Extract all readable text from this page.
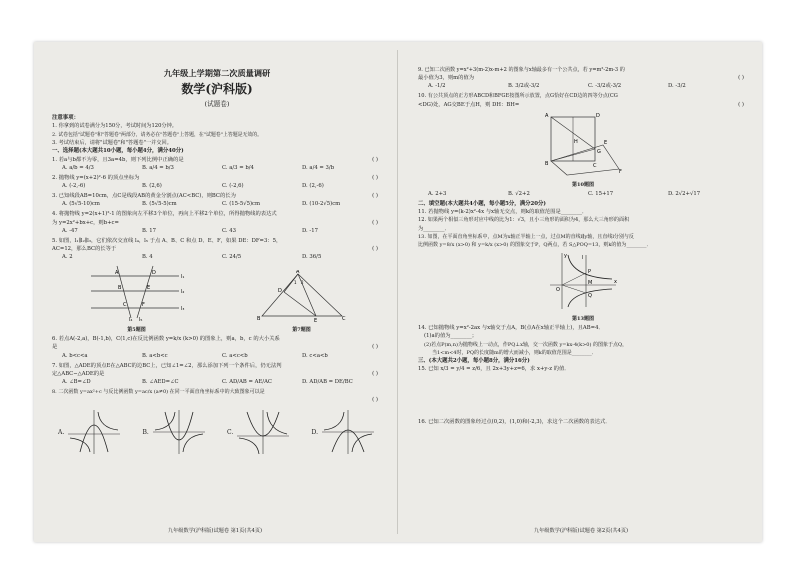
九年级上学期第二次质量调研

数学(沪科版)

(试题卷)

注意事项：

1. 你拿到的试卷满分为150分，考试时间为120分钟。

2. 试卷包括"试题卷"和"答题卷"两部分，请务必在"答题卷"上答题，在"试题卷"上答题是无效的。

3. 考试结束后，请将"试题卷"和"答题卷"一并交回。

一、选择题(本大题共10小题，每小题4分，满分40分)

1. 若a与b都不为零，且3a=4b，则下列比例中正确的是	( )

A. a/b = 4/3	B. a/4 = b/3	C. a/3 = b/4	D. a/4 = 3/b

2. 抛物线 y=(x+2)²-6 的顶点坐标为	( )

A. (-2,-6)	B. (2,6)	C. (-2,6)	D. (2,-6)

3. 已知线段AB=10cm，点C是线段AB的黄金分割点(AC<BC)，则BC的长为	( )

A. (5√5-10)cm	B. (5√5-5)cm	C. (15-5√5)cm	D. (10-2√5)cm

4. 将抛物线 y=2(x+1)²-1 的图象向左平移3个单位，再向上平移2个单位，所得抛物线的表达式

为 y=2x²+bx+c，则b+c=	( )

A. -47	B. 17	C. 43	D. -17

5. 如图，l₁∥l₂∥l₃，它们依次交直线 l₄，l₅ 于点 A、B、C 和点 D、E、F，如果 DE：DF=3：5，

AC=12，那么BC的长等于	( )

A. 2	B. 4	C. 24/5	D. 36/5
l₁
l₂
l₃
A
B
C
D
E
F
l₄ l₅
第5题图
A
B	C
D
E
1 2
第7题图

6. 若点A(-2,a)，B(-1,b)，C(1,c)在反比例函数 y=k/x (k>0) 的图象上，则a，b，c 的大小关系

是	( )

A. b<c<a	B. a<b<c	C. a<c<b	D. c<a<b

7. 如图，△ADE的顶点E在△ABC的边BC上，已知∠1=∠2，那么添加下列一个条件后，仍无法判

定△ABC∽△ADE的是	( )

A. ∠B=∠D	B. ∠AED=∠C	C. AD/AB = AE/AC	D. AD/AB = DE/BC

8. 二次函数 y=ax²+c 与反比例函数 y=ac/x (a≠0) 在同一平面直角坐标系中的大致图象可以是

( )

A.	B.	C.	D.
九年级数学(沪科版)试题卷 第1页(共4页)

9. 已知二次函数 y=x²+3(m-2)x-m+2 的图象与x轴最多有一个公共点，若 y=m²-2m-3 的

最小值为3，则m的值为	( )

A. -1/2	B. 3/2或-3/2	C. -3/2或-3/2	D. -3/2

10. 有公共顶点的正方形ABCD和BFGE按图所示放置，点G恰好在CD边的四等分点(CG

<DG)处，AG交BE于点H，则 DH：BH=	( )

A	D
E
H
G
F
B	C
第10题图
A. 2+3	B. √2+2	C. 15+17	D. 2√2+√17

二、填空题(本大题共4小题，每小题5分，满分20分)

11. 若抛物线 y=(k-2)x²-4x 与x轴无交点，则k的取值范围是________．

12. 如果两个相似三角形对应中线的比为1：√3，且小三角形的面积为4，那么大三角形的面积

为________．

13. 如图，在平面直角坐标系中，点M为x轴正半轴上一点，过点M的直线l∥y轴，且直线l分别与反

比例函数 y=8/x (x>0) 和 y=k/x (x>0) 的图象交于P，Q两点，若 S△POQ=13，则k的值为________．

y
x
O
P
Q
M
l
第13题图

14. 已知抛物线 y=x²-2ax 与x轴交于点A，B(点A在x轴正半轴上)，且AB=4．

(1)a的值为________；

(2)若点P(m,n)为抛物线上一动点，作PQ⊥x轴，交一次函数 y=kx-4(k>0) 的图象于点Q，

当1<m<4时，PQ的长度随m的增大而减小，则k的取值范围是________．

三、(本大题共2小题，每小题8分，满分16分)

15. 已知 x/3 = y/4 = z/6，且 2x+3y+z=6，求 x+y-z 的值．

16. 已知二次函数的图象经过点(0,2)，(1,0)和(-2,3)，求这个二次函数的表达式．

九年级数学(沪科版)试题卷 第2页(共4页)
